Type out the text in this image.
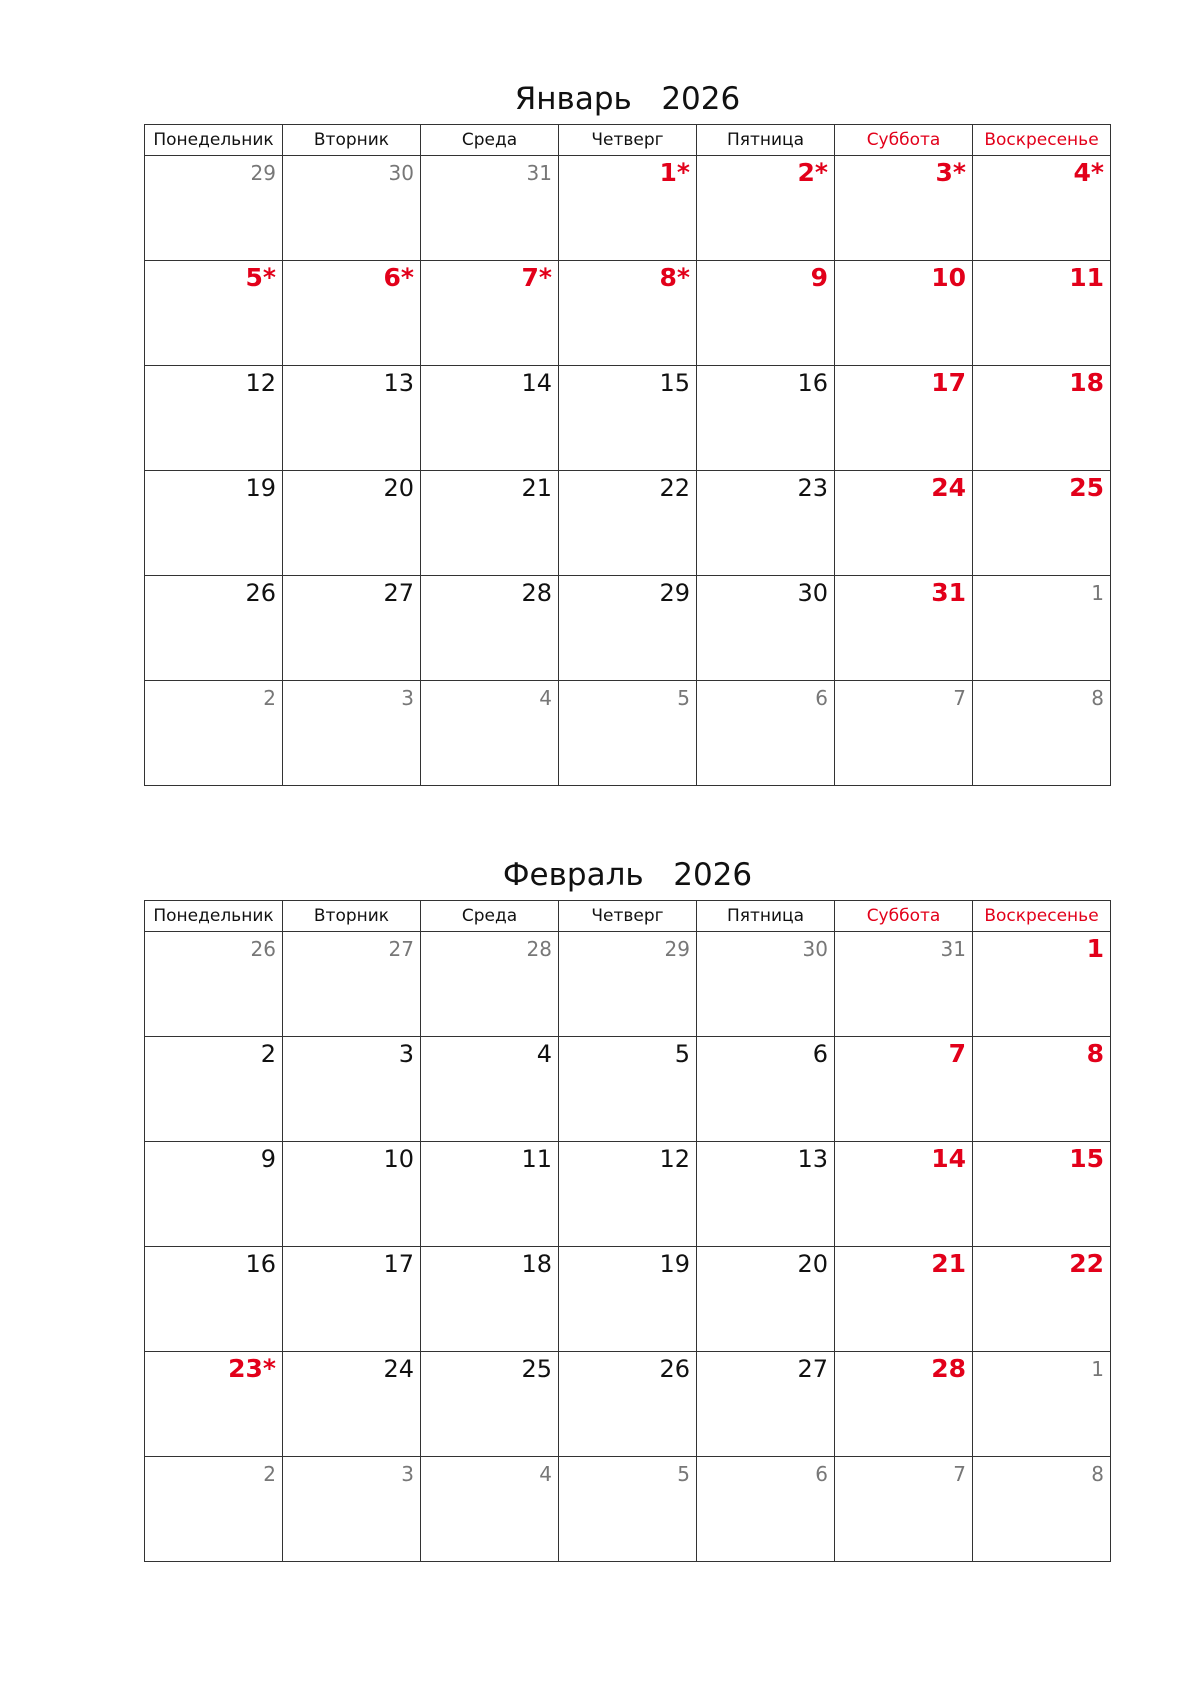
Январь   2026
Понедельник	Вторник	Среда	Четверг	Пятница	Суббота	Воскресенье

29	30	31	1*	2*	3*	4*

5*	6*	7*	8*	9	10	11

12	13	14	15	16	17	18

19	20	21	22	23	24	25

26	27	28	29	30	31	1

2	3	4	5	6	7	8
Февраль   2026
Понедельник	Вторник	Среда	Четверг	Пятница	Суббота	Воскресенье

26	27	28	29	30	31	1

2	3	4	5	6	7	8

9	10	11	12	13	14	15

16	17	18	19	20	21	22

23*	24	25	26	27	28	1

2	3	4	5	6	7	8
